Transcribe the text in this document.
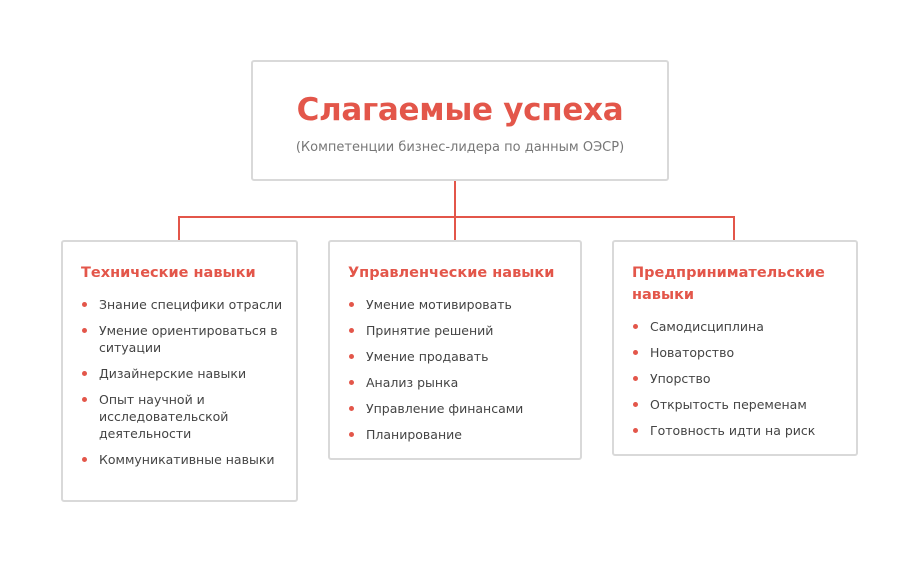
Слагаемые успеха
(Компетенции бизнес-лидера по данным ОЭСР)
Технические навыки
Знание специфики отрасли
Умение ориентироваться в ситуации
Дизайнерские навыки
Опыт научной и исследовательской деятельности
Коммуникативные навыки
Управленческие навыки
Умение мотивировать
Принятие решений
Умение продавать
Анализ рынка
Управление финансами
Планирование
Предпринимательские навыки
Самодисциплина
Новаторство
Упорство
Открытость переменам
Готовность идти на риск
